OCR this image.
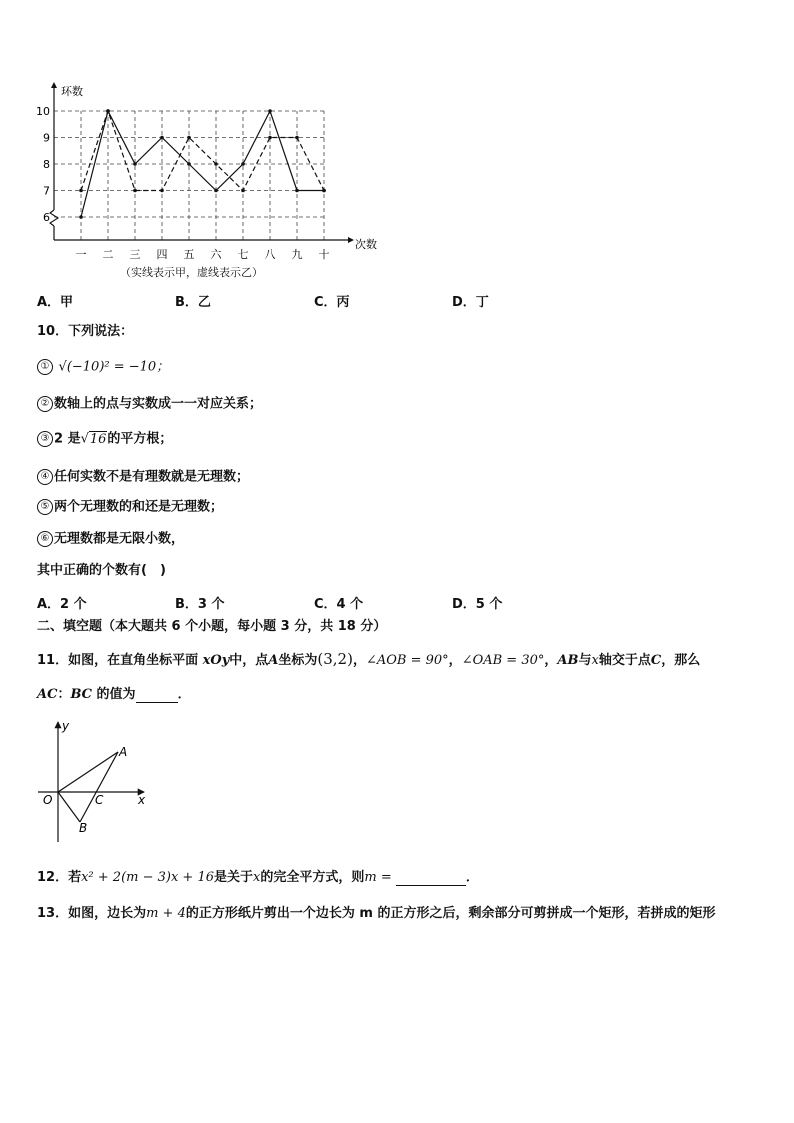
环数
次数
6
7
8
9
10
一 二 三 四 五 六 七 八 九 十
（实线表示甲，虚线表示乙）
A．甲	B．乙	C．丙	D．丁
10．下列说法：
① √(−10)² = −10；
② 数轴上的点与实数成一一对应关系；
③ 2 是√16的平方根；
④ 任何实数不是有理数就是无理数；
⑤ 两个无理数的和还是无理数；
⑥ 无理数都是无限小数，
其中正确的个数有(　)
A．2 个	B．3 个	C．4 个	D．5 个
二、填空题（本大题共 6 个小题，每小题 3 分，共 18 分）
11．如图，在直角坐标平面 xOy中，点A坐标为(3,2)，∠AOB = 90°，∠OAB = 30°，AB与x轴交于点C，那么
AC：BC 的值为	．
y
x
O
A
B
C
12．若x² + 2(m − 3)x + 16是关于x的完全平方式，则m =	．
13．如图，边长为m + 4的正方形纸片剪出一个边长为 m 的正方形之后，剩余部分可剪拼成一个矩形，若拼成的矩形
